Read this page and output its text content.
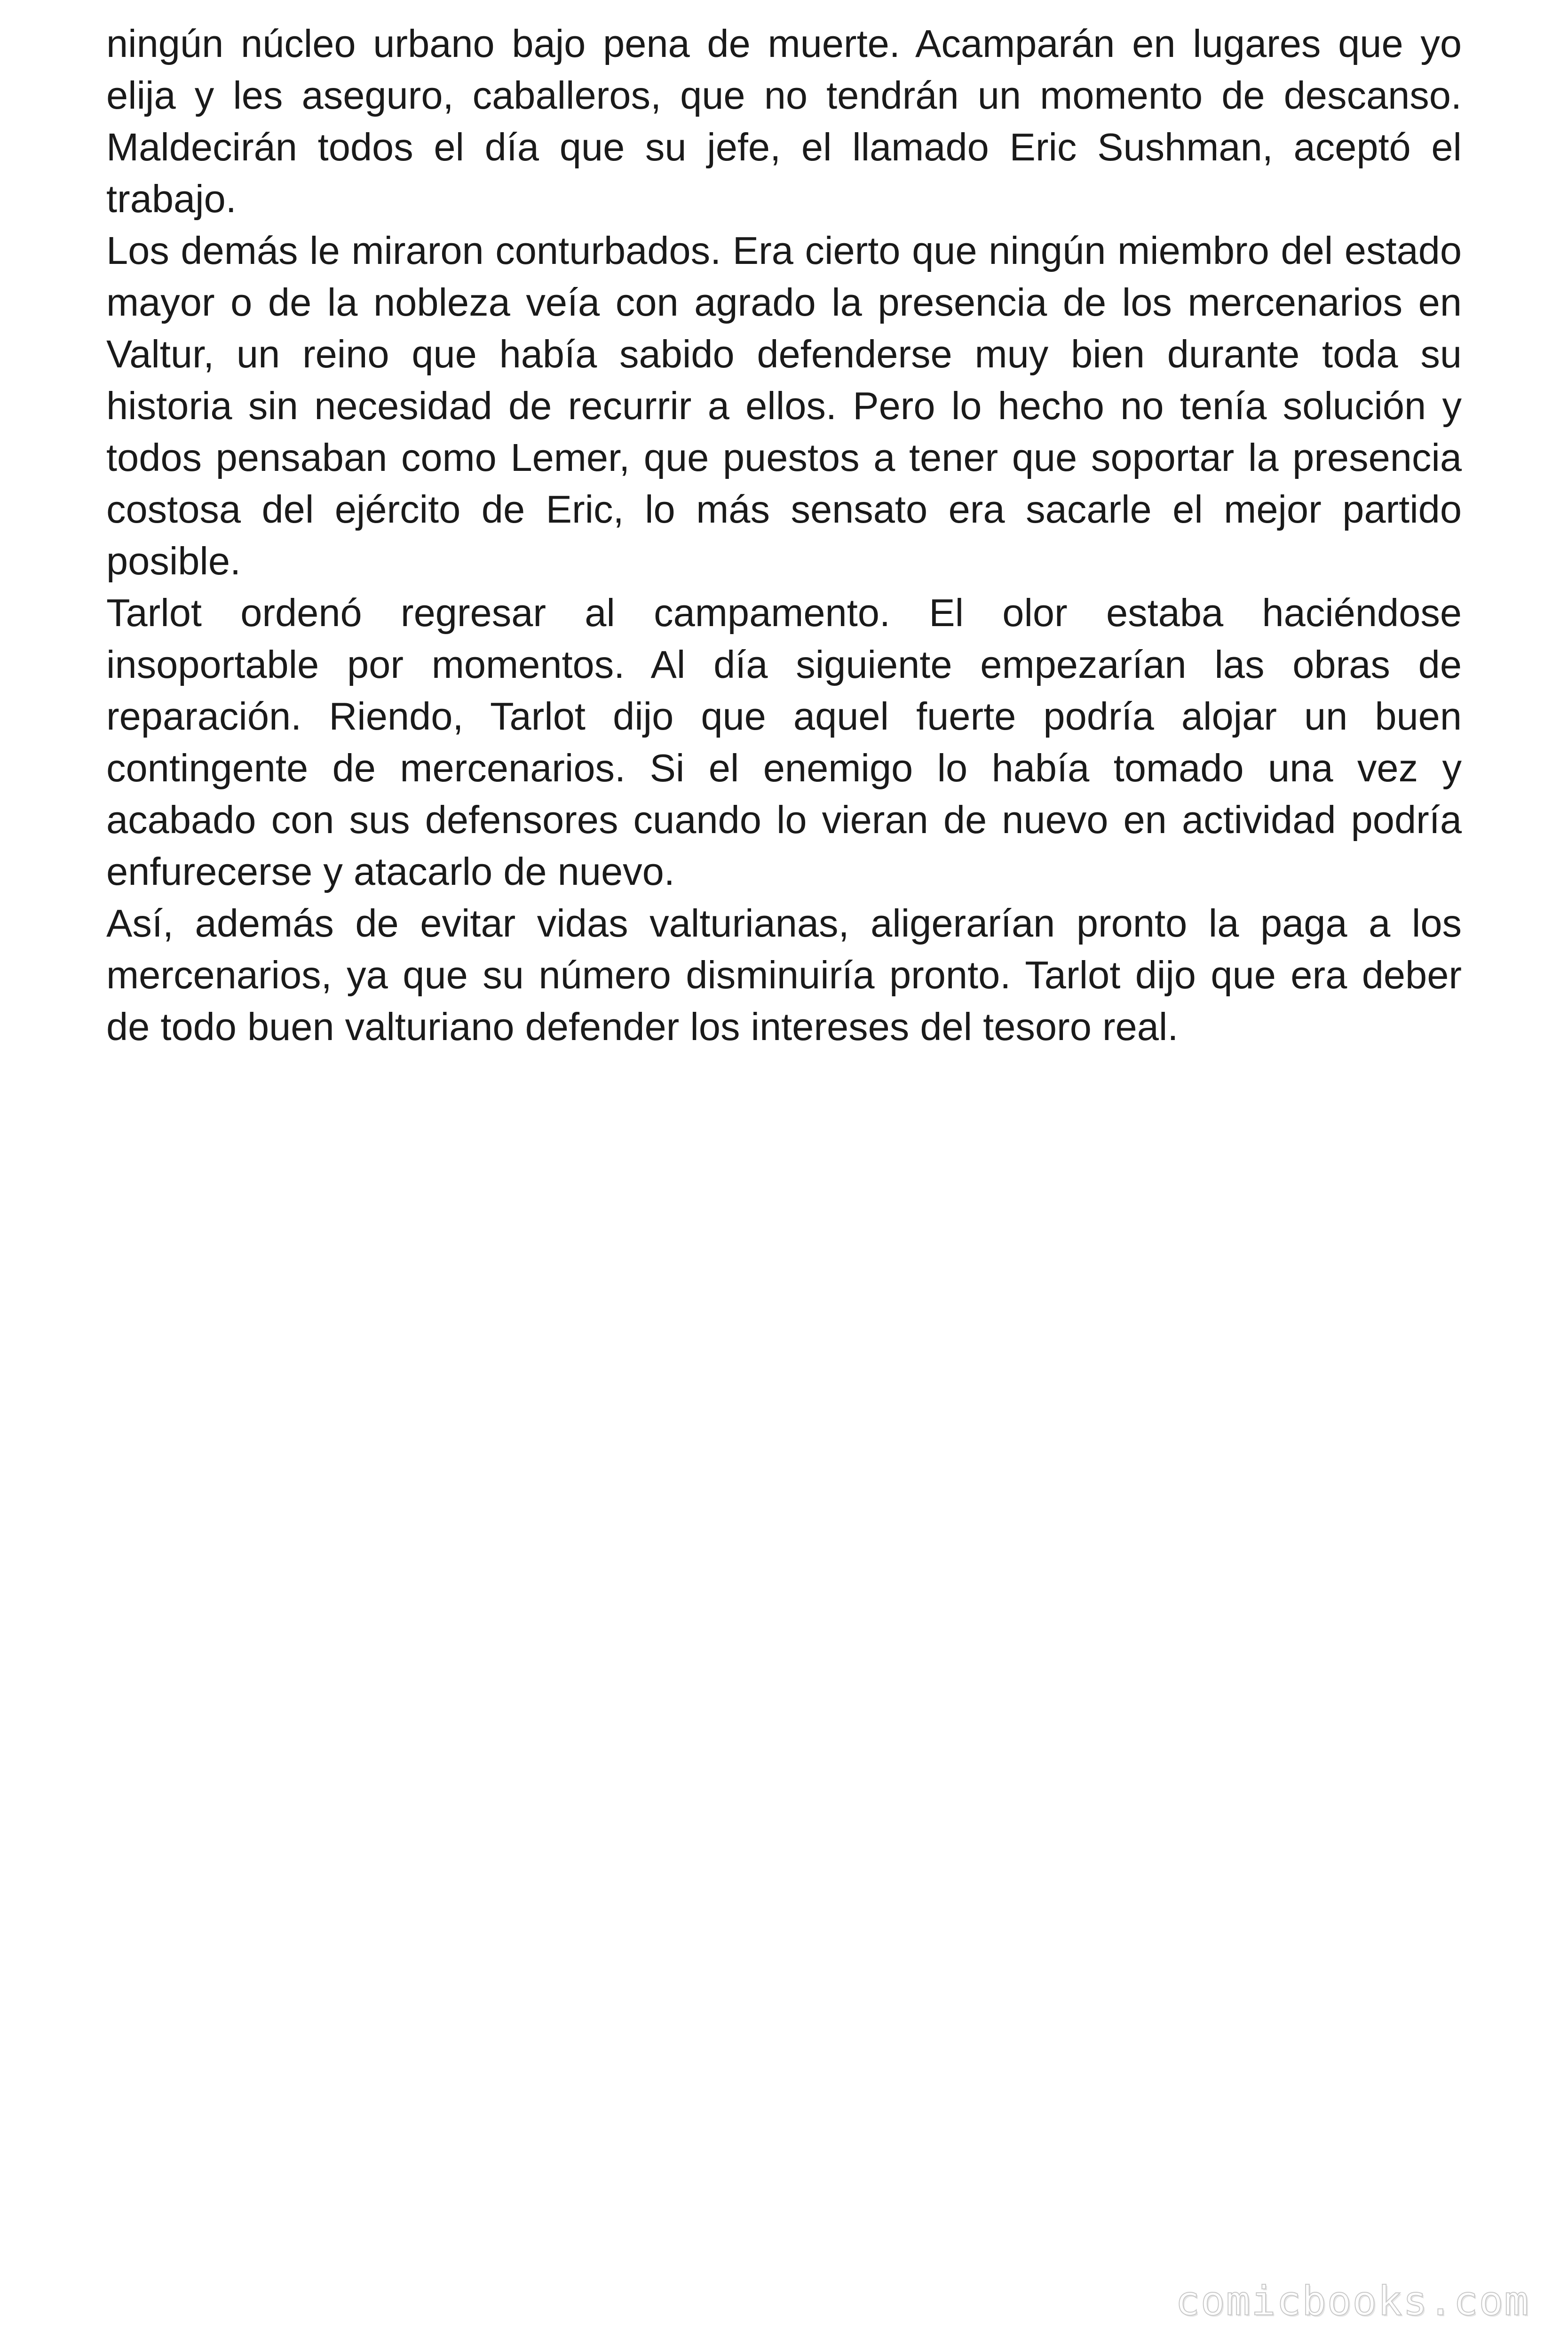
ningún núcleo urbano bajo pena de muerte. Acamparán en lugares que yo elija y les aseguro, caballeros, que no tendrán un momento de descanso. Maldecirán todos el día que su jefe, el llamado Eric Sushman, aceptó el trabajo.

Los demás le miraron conturbados. Era cierto que ningún miembro del estado mayor o de la nobleza veía con agrado la presencia de los mercenarios en Valtur, un reino que había sabido defenderse muy bien durante toda su historia sin necesidad de recurrir a ellos. Pero lo hecho no tenía solución y todos pensaban como Lemer, que puestos a tener que soportar la presencia costosa del ejército de Eric, lo más sensato era sacarle el mejor partido posible.

Tarlot ordenó regresar al campamento. El olor estaba haciéndose insoportable por momentos. Al día siguiente empezarían las obras de reparación. Riendo, Tarlot dijo que aquel fuerte podría alojar un buen contingente de mercenarios. Si el enemigo lo había tomado una vez y acabado con sus defensores cuando lo vieran de nuevo en actividad podría enfurecerse y atacarlo de nuevo.

Así, además de evitar vidas valturianas, aligerarían pronto la paga a los mercenarios, ya que su número disminuiría pronto. Tarlot dijo que era deber de todo buen valturiano defender los intereses del tesoro real.

comicbooks.com
